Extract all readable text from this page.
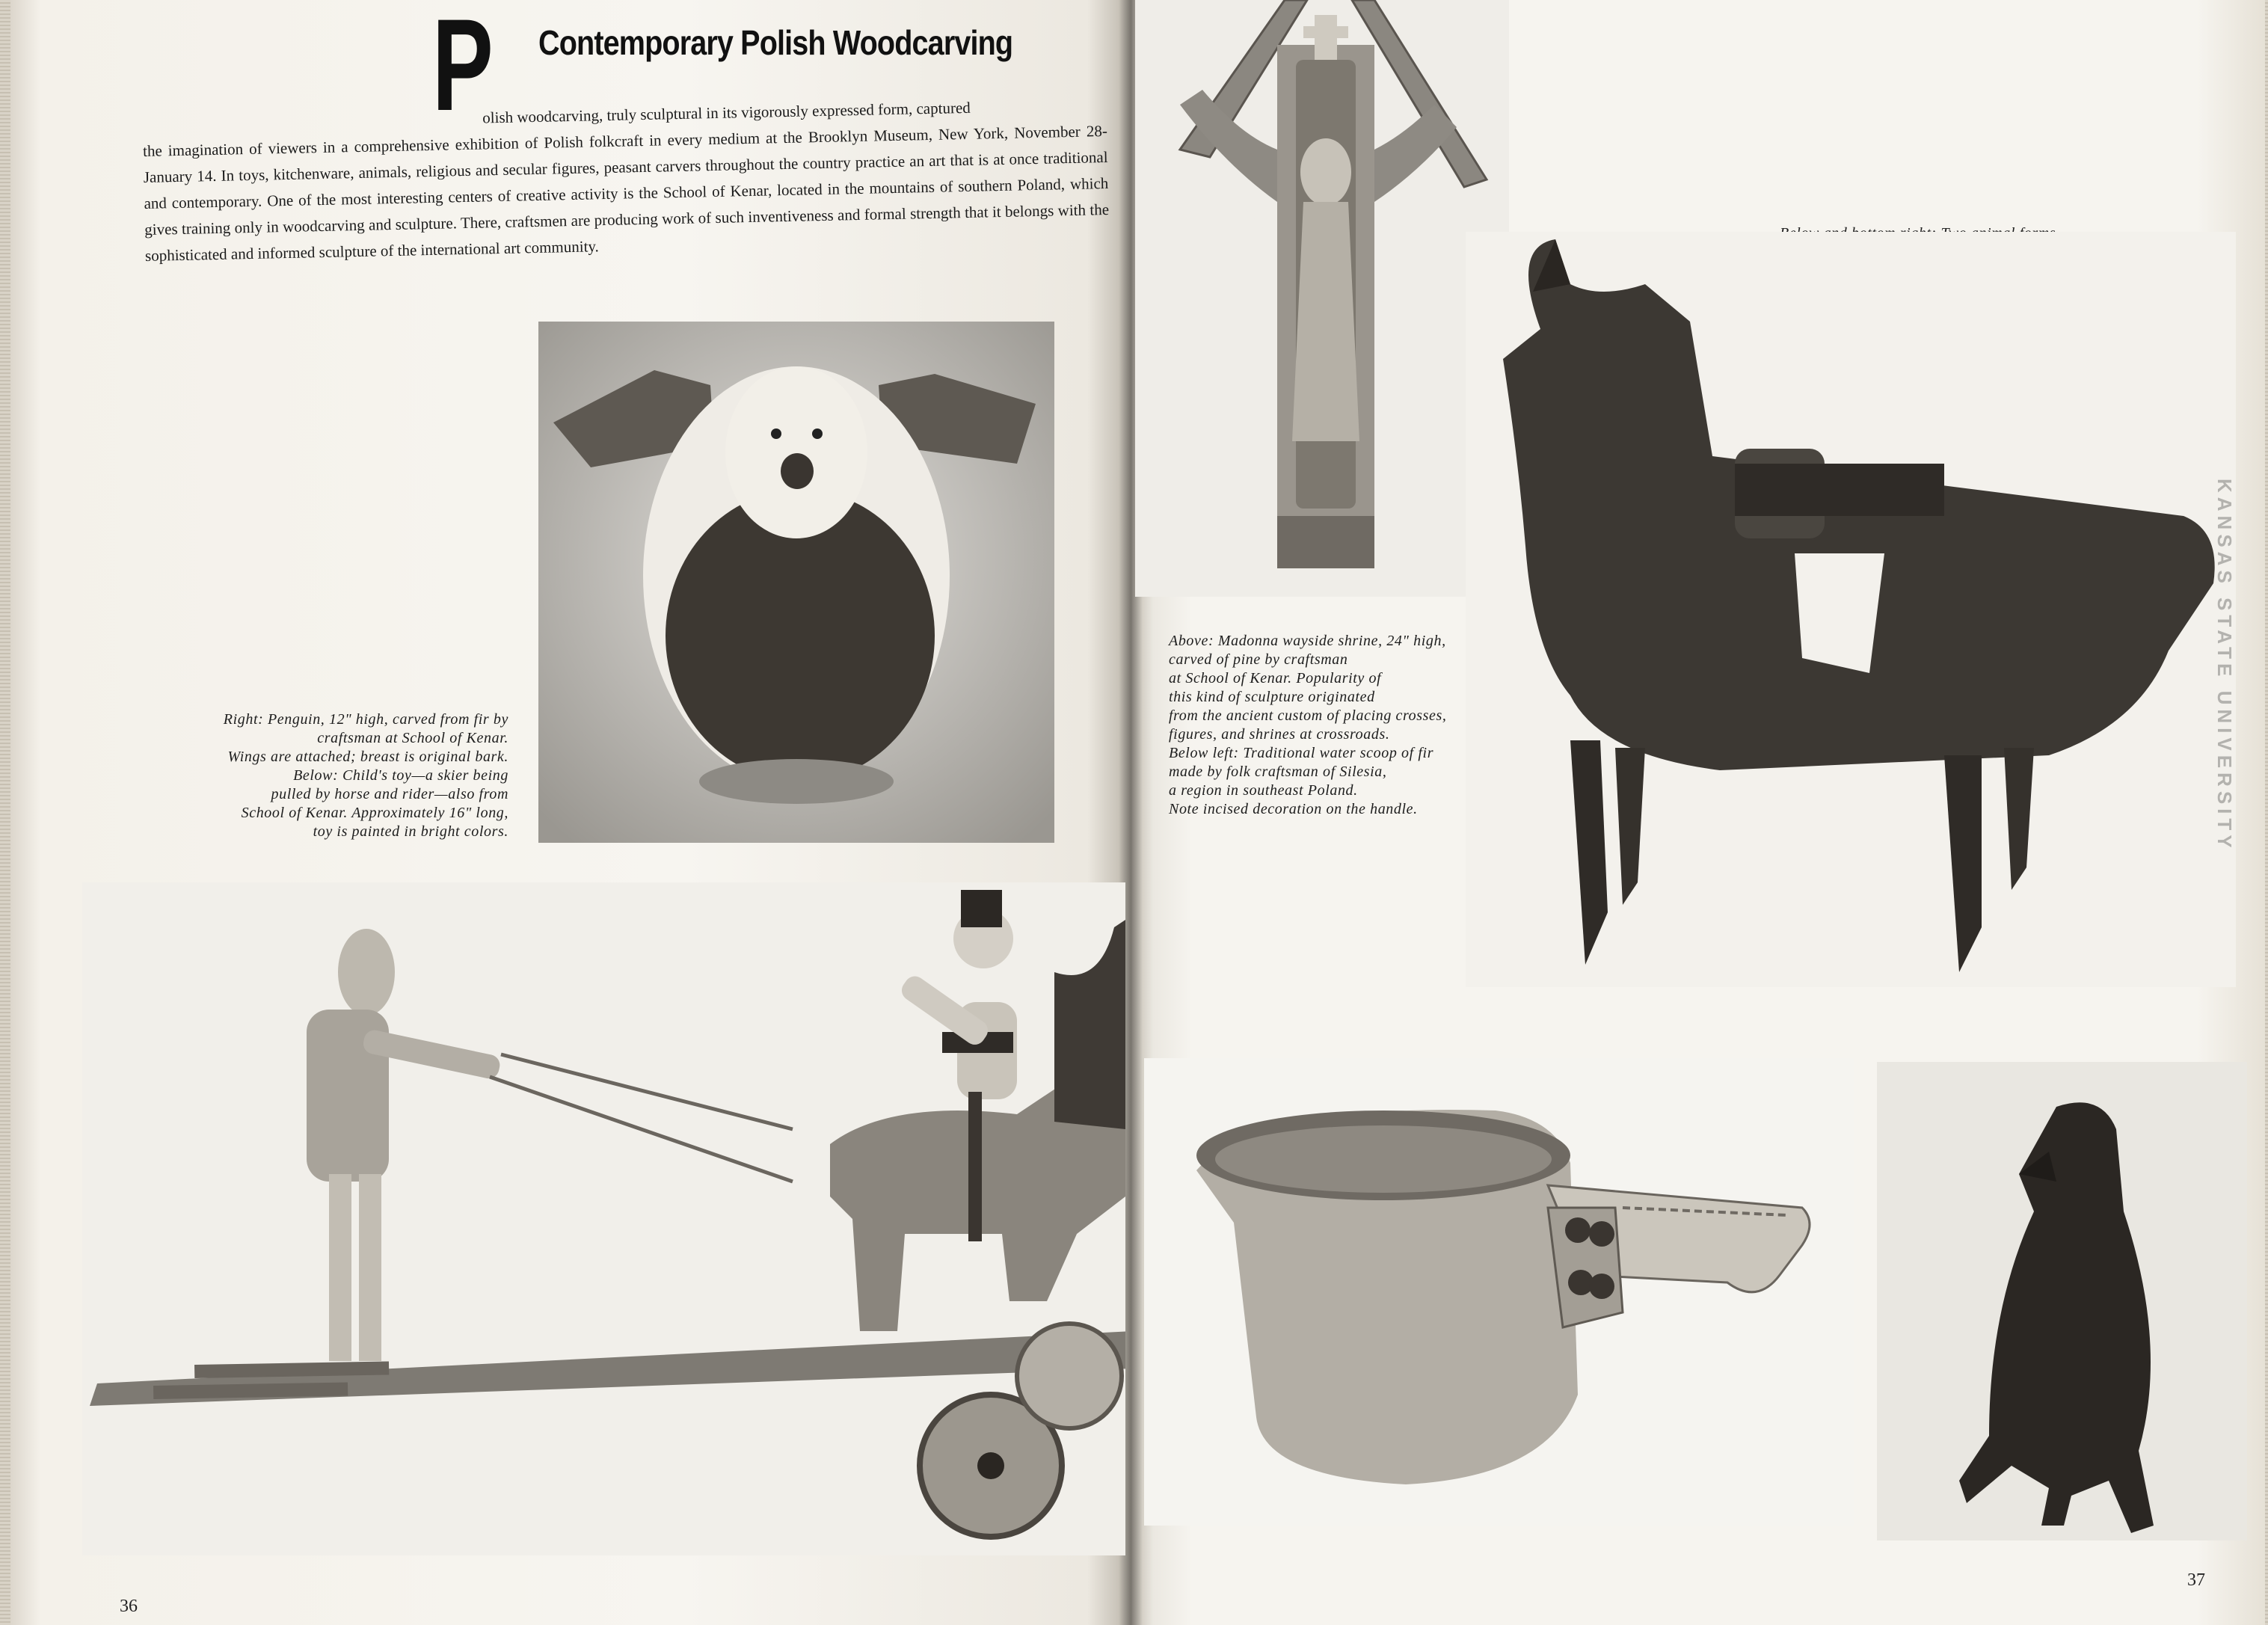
P Contemporary Polish Woodcarving
olish woodcarving, truly sculptural in its vigorously expressed form, captured
the imagination of viewers in a comprehensive exhibition of Polish folkcraft in every medium at the Brooklyn Museum, New York, November 28-January 14. In toys, kitchenware, animals, religious and secular figures, peasant carvers throughout the country practice an art that is at once traditional and contemporary. One of the most interesting centers of creative activity is the School of Kenar, located in the mountains of southern Poland, which gives training only in woodcarving and sculpture. There, craftsmen are producing work of such inventiveness and formal strength that it belongs with the sophisticated and informed sculpture of the international art community.
Right: Penguin, 12" high, carved from fir by
craftsman at School of Kenar.
Wings are attached; breast is original bark.
Below: Child's toy—a skier being
pulled by horse and rider—also from
School of Kenar. Approximately 16" long,
toy is painted in bright colors.
Above: Madonna wayside shrine, 24" high,
carved of pine by craftsman
at School of Kenar. Popularity of
this kind of sculpture originated
from the ancient custom of placing crosses,
figures, and shrines at crossroads.
Below left: Traditional water scoop of fir
made by folk craftsman of Silesia,
a region in southeast Poland.
Note incised decoration on the handle.
36
37
KANSAS STATE UNIVERSITY
